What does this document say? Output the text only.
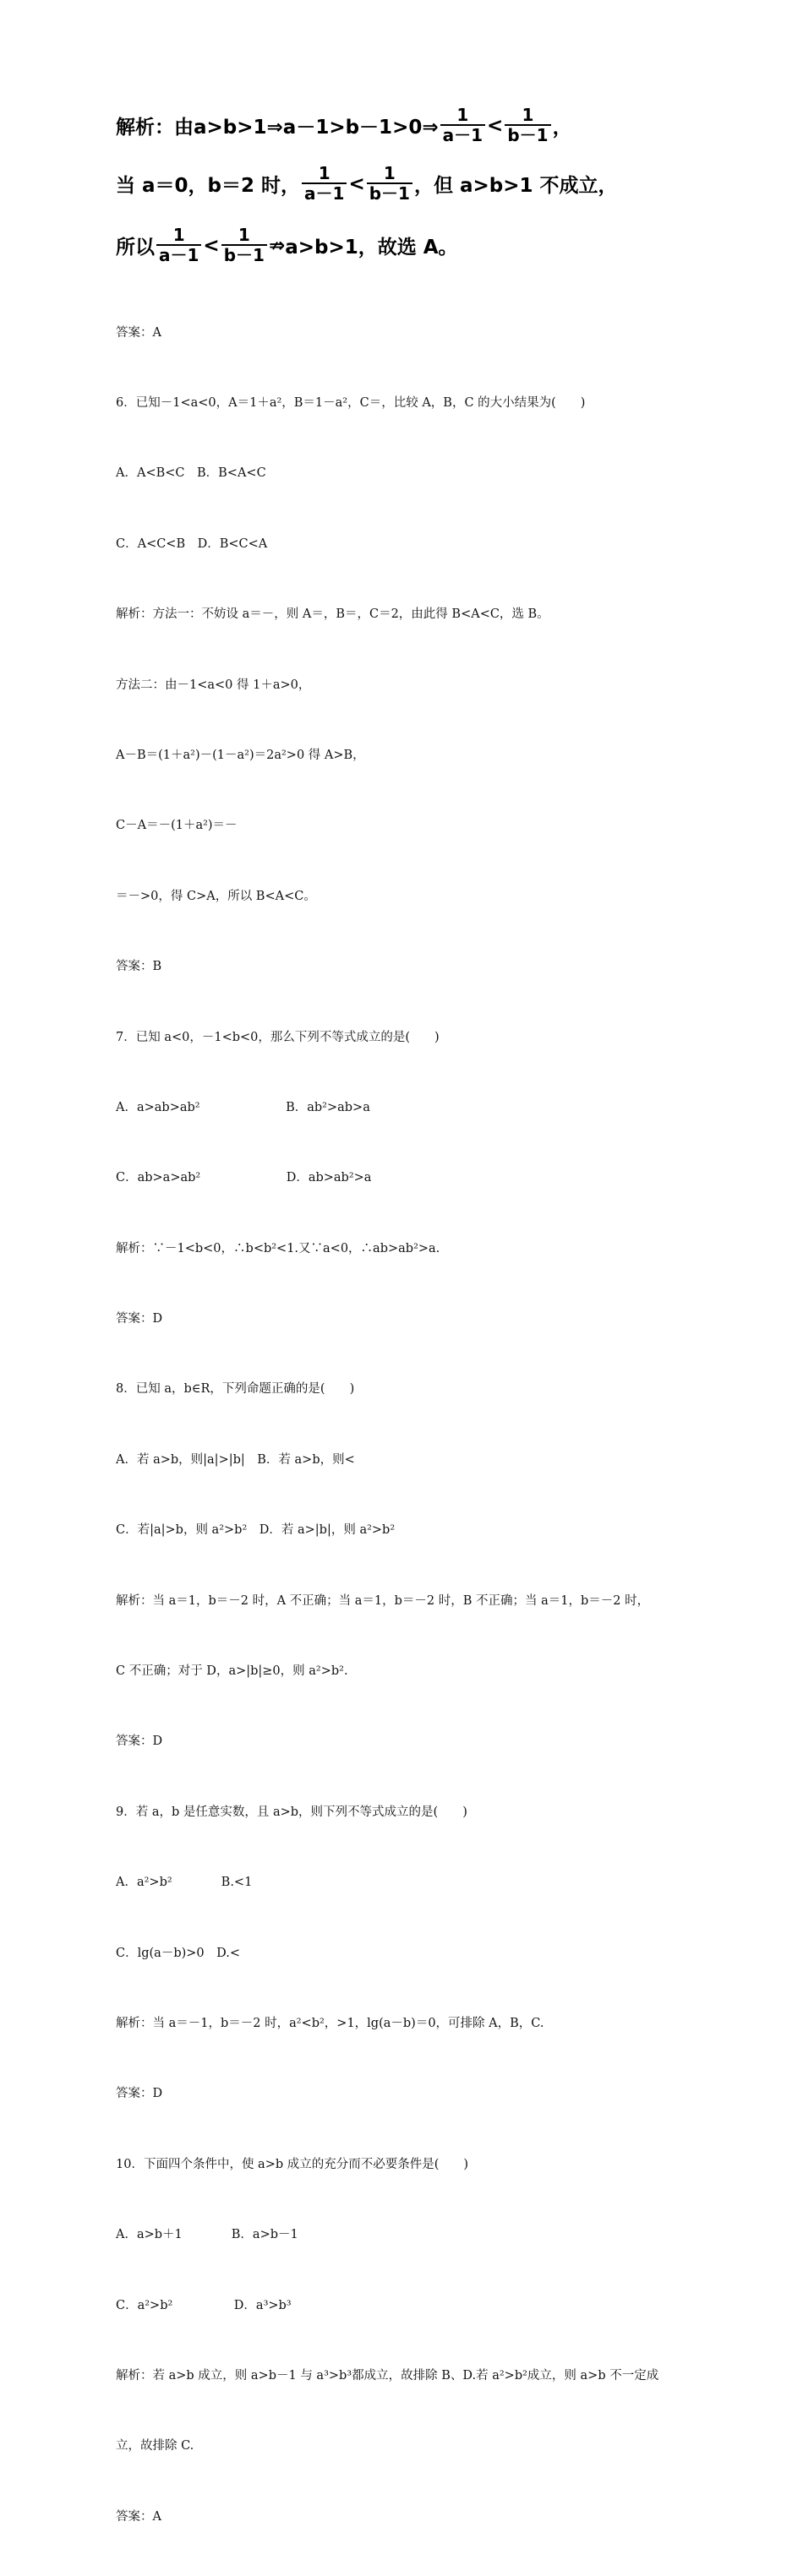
解析：由 a>b>1⇒a－1>b－1>0⇒ $\frac{1}{a-1} < \frac{1}{b-1}$ ，
当 a＝0，b＝2 时， $\frac{1}{a-1} < \frac{1}{b-1}$ ，但 a>b>1 不成立，
所以 $\frac{1}{a-1} < \frac{1}{b-1}$ ⇏ a>b>1，故选 A。

答案：A

6．已知－1<a<0，A＝1＋a²，B＝1－a²，C＝，比较 A，B，C 的大小结果为(　　)

A．A<B<C　B．B<A<C

C．A<C<B　D．B<C<A

解析：方法一：不妨设 a＝－，则 A＝，B＝，C＝2，由此得 B<A<C，选 B。

方法二：由－1<a<0 得 1＋a>0，

A－B＝(1＋a²)－(1－a²)＝2a²>0 得 A>B，

C－A＝－(1＋a²)＝－

＝－>0，得 C>A，所以 B<A<C。

答案：B

7．已知 a<0，－1<b<0，那么下列不等式成立的是(　　)

A．a>ab>ab²　　　　　　　B．ab²>ab>a

C．ab>a>ab²　　　　　　　D．ab>ab²>a

解析：∵－1<b<0，∴b<b²<1.又∵a<0，∴ab>ab²>a.

答案：D

8．已知 a，b∈R，下列命题正确的是(　　)

A．若 a>b，则|a|>|b|　B．若 a>b，则<

C．若|a|>b，则 a²>b²　D．若 a>|b|，则 a²>b²

解析：当 a＝1，b＝－2 时，A 不正确；当 a＝1，b＝－2 时，B 不正确；当 a＝1，b＝－2 时，

C 不正确；对于 D，a>|b|≥0，则 a²>b².

答案：D

9．若 a，b 是任意实数，且 a>b，则下列不等式成立的是(　　)

A．a²>b²　　　　B.<1

C．lg(a－b)>0　D.<

解析：当 a＝－1，b＝－2 时，a²<b²，>1，lg(a－b)＝0，可排除 A，B，C.

答案：D

10．下面四个条件中，使 a>b 成立的充分而不必要条件是(　　)

A．a>b＋1　　　　B．a>b－1

C．a²>b²　　　　　D．a³>b³

解析：若 a>b 成立，则 a>b－1 与 a³>b³都成立，故排除 B、D.若 a²>b²成立，则 a>b 不一定成

立，故排除 C.

答案：A
